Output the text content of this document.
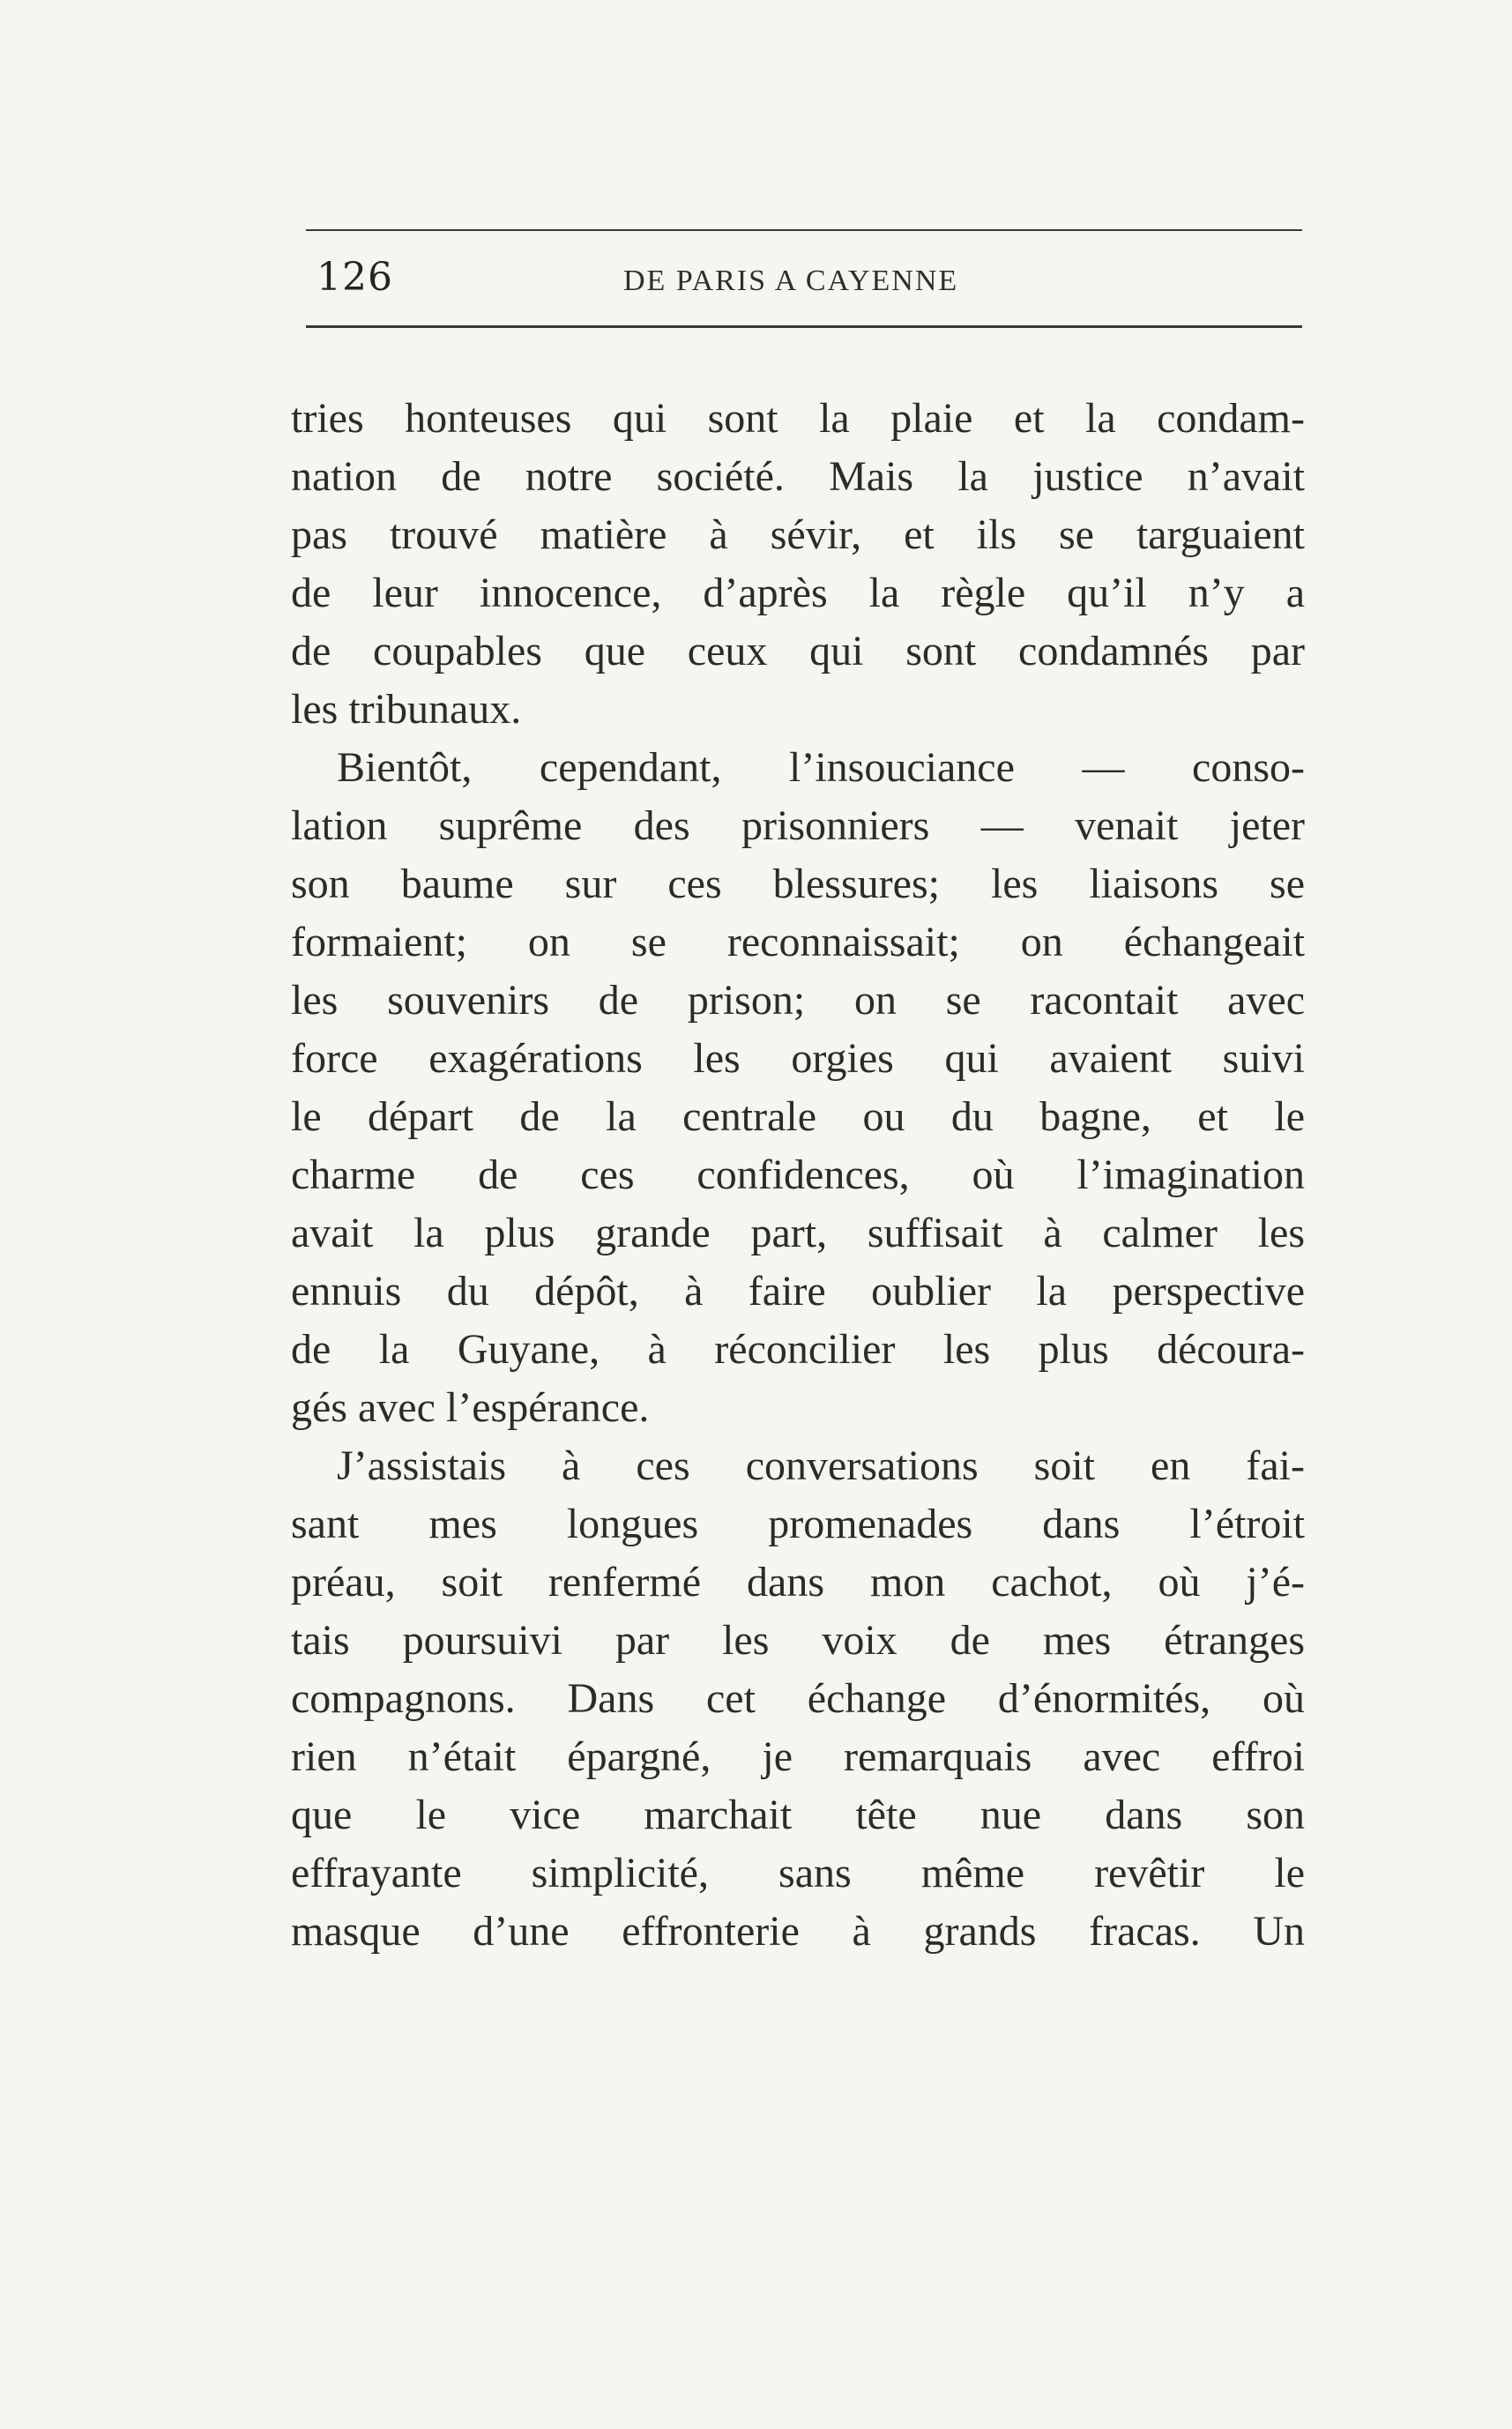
126	DE PARIS A CAYENNE
tries honteuses qui sont la plaie et la condam-
nation de notre société. Mais la justice n’avait
pas trouvé matière à sévir, et ils se targuaient
de leur innocence, d’après la règle qu’il n’y a
de coupables que ceux qui sont condamnés par
les tribunaux.
Bientôt, cependant, l’insouciance — conso-
lation suprême des prisonniers — venait jeter
son baume sur ces blessures; les liaisons se
formaient; on se reconnaissait; on échangeait
les souvenirs de prison; on se racontait avec
force exagérations les orgies qui avaient suivi
le départ de la centrale ou du bagne, et le
charme de ces confidences, où l’imagination
avait la plus grande part, suffisait à calmer les
ennuis du dépôt, à faire oublier la perspective
de la Guyane, à réconcilier les plus découra-
gés avec l’espérance.
J’assistais à ces conversations soit en fai-
sant mes longues promenades dans l’étroit
préau, soit renfermé dans mon cachot, où j’é-
tais poursuivi par les voix de mes étranges
compagnons. Dans cet échange d’énormités, où
rien n’était épargné, je remarquais avec effroi
que le vice marchait tête nue dans son
effrayante simplicité, sans même revêtir le
masque d’une effronterie à grands fracas. Un
